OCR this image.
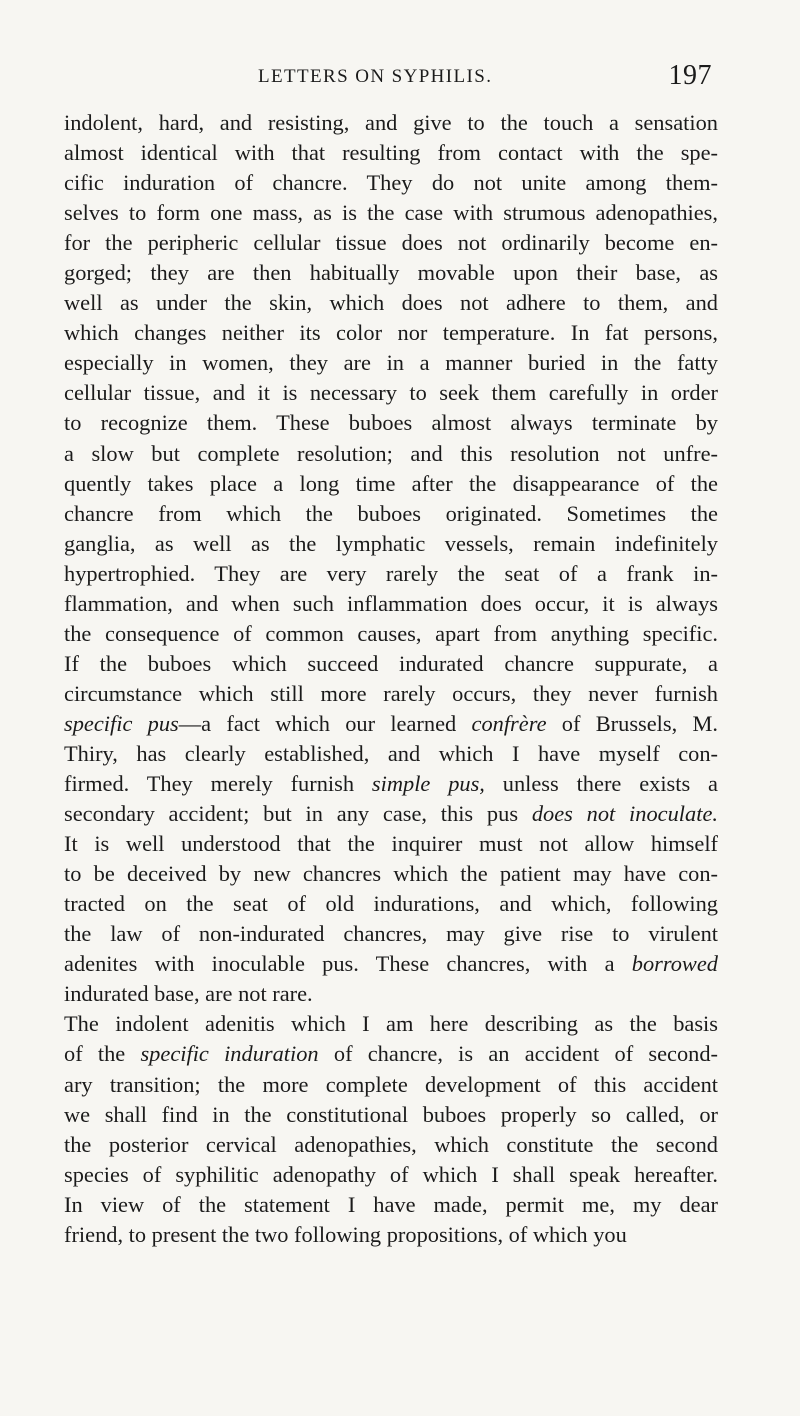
LETTERS ON SYPHILIS.	197
indolent, hard, and resisting, and give to the touch a sensation
almost identical with that resulting from contact with the spe-
cific induration of chancre. They do not unite among them-
selves to form one mass, as is the case with strumous adenopathies,
for the peripheric cellular tissue does not ordinarily become en-
gorged; they are then habitually movable upon their base, as
well as under the skin, which does not adhere to them, and
which changes neither its color nor temperature. In fat persons,
especially in women, they are in a manner buried in the fatty
cellular tissue, and it is necessary to seek them carefully in order
to recognize them. These buboes almost always terminate by
a slow but complete resolution; and this resolution not unfre-
quently takes place a long time after the disappearance of the
chancre from which the buboes originated. Sometimes the
ganglia, as well as the lymphatic vessels, remain indefinitely
hypertrophied. They are very rarely the seat of a frank in-
flammation, and when such inflammation does occur, it is always
the consequence of common causes, apart from anything specific.
If the buboes which succeed indurated chancre suppurate, a
circumstance which still more rarely occurs, they never furnish
specific pus—a fact which our learned confrère of Brussels, M.
Thiry, has clearly established, and which I have myself con-
firmed. They merely furnish simple pus, unless there exists a
secondary accident; but in any case, this pus does not inoculate.
It is well understood that the inquirer must not allow himself
to be deceived by new chancres which the patient may have con-
tracted on the seat of old indurations, and which, following
the law of non-indurated chancres, may give rise to virulent
adenites with inoculable pus. These chancres, with a borrowed
indurated base, are not rare.
The indolent adenitis which I am here describing as the basis
of the specific induration of chancre, is an accident of second-
ary transition; the more complete development of this accident
we shall find in the constitutional buboes properly so called, or
the posterior cervical adenopathies, which constitute the second
species of syphilitic adenopathy of which I shall speak hereafter.
In view of the statement I have made, permit me, my dear
friend, to present the two following propositions, of which you
